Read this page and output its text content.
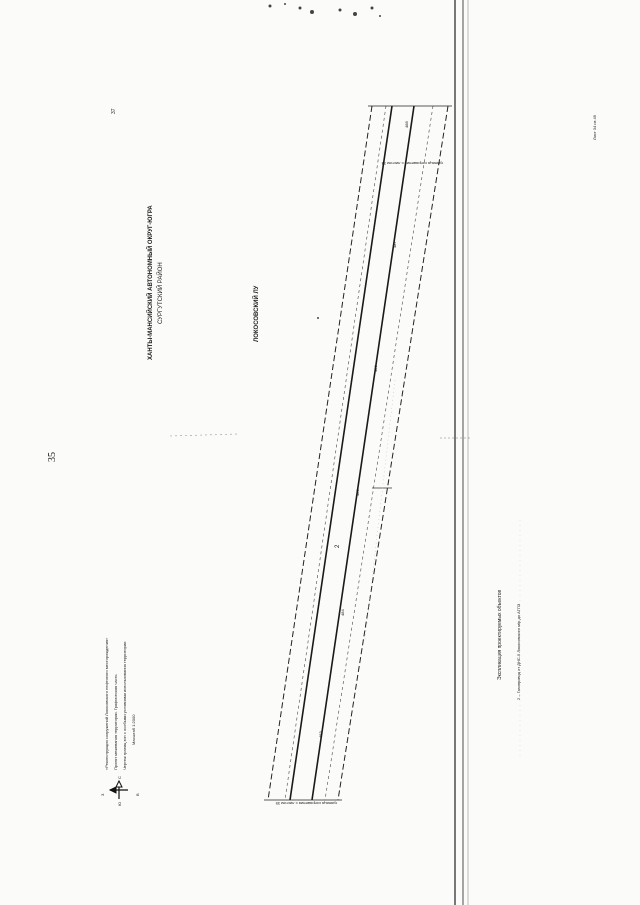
35
37
ХАНТЫ-МАНСИЙСКИЙ АВТОНОМНЫЙ ОКРУГ-ЮГРА СУРГУТСКИЙ РАЙОН	ЛОКОСОВСКИЙ ЛУ
«Реконструкция сооружений Локосовского нефтяного месторождения» Проект межевания территории. Графическая часть Чертеж границ зон с особыми условиями использования территории Масштаб 1:2000
З	В
С
Ю
граница сопряжения с листом 33
граница сопряжения с листом 35
2
483
484
485
486
487
488
Экспликация проектируемых объектов	2 – Газопровод от ДНС-5 Локосовского м/р до АГПЗ
Лист 34 из 49
